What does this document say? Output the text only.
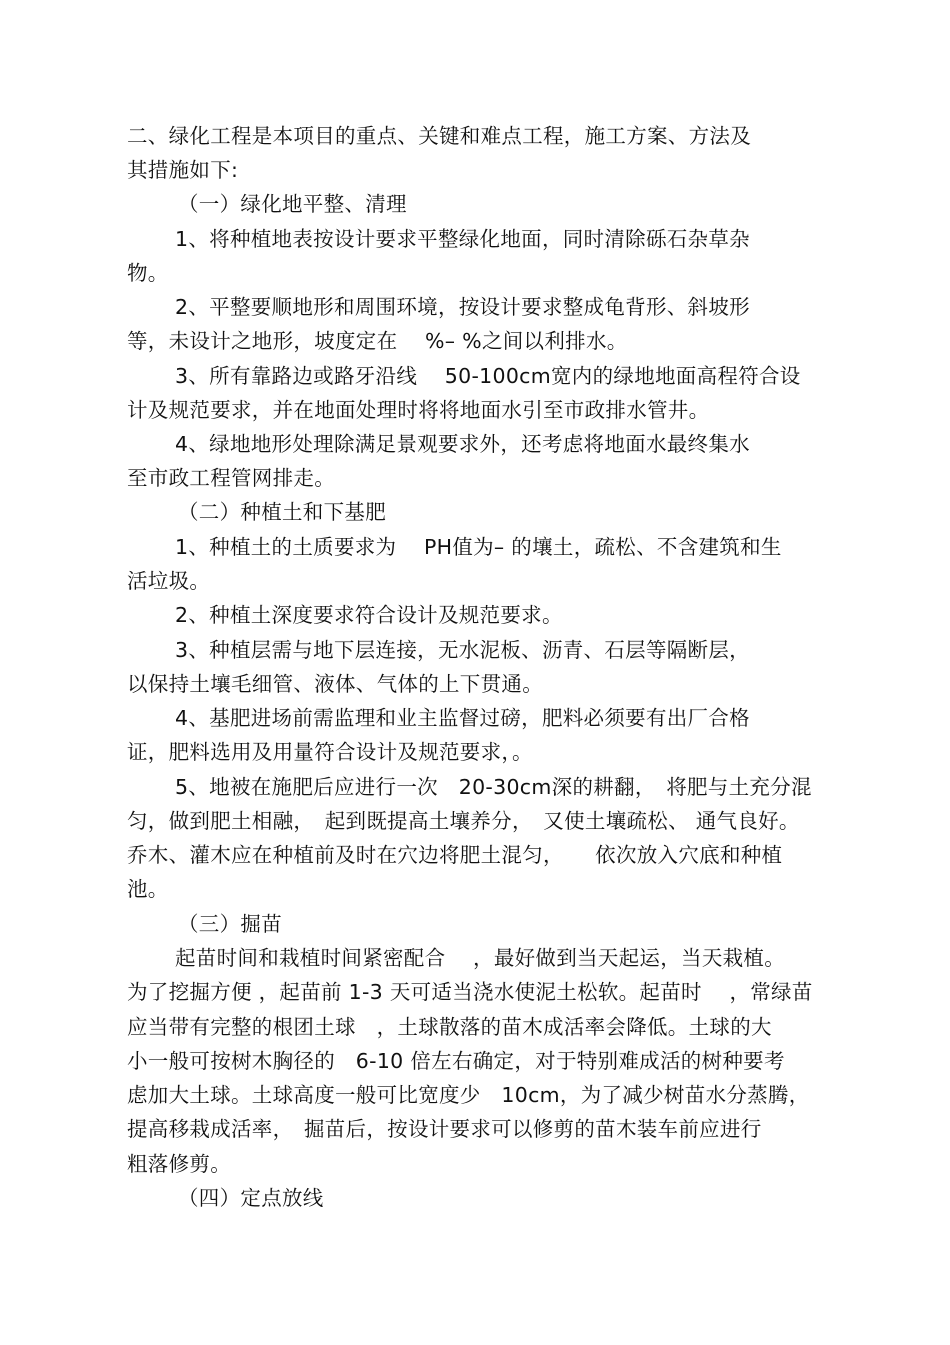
二、绿化工程是本项目的重点、关键和难点工程，施工方案、方法及
其措施如下:
（一）绿化地平整、清理
1、将种植地表按设计要求平整绿化地面，同时清除砾石杂草杂
物。
2、平整要顺地形和周围环境，按设计要求整成龟背形、斜坡形
等，未设计之地形，坡度定在　 %– %之间以利排水。
3、所有靠路边或路牙沿线　 50-100cm宽内的绿地地面高程符合设
计及规范要求，并在地面处理时将将地面水引至市政排水管井。
4、绿地地形处理除满足景观要求外，还考虑将地面水最终集水
至市政工程管网排走。
（二）种植土和下基肥
1、种植土的土质要求为　 PH值为– 的壤土，疏松、不含建筑和生
活垃圾。
2、种植土深度要求符合设计及规范要求。
3、种植层需与地下层连接，无水泥板、沥青、石层等隔断层，
以保持土壤毛细管、液体、气体的上下贯通。
4、基肥进场前需监理和业主监督过磅，肥料必须要有出厂合格
证，肥料选用及用量符合设计及规范要求，。
5、地被在施肥后应进行一次　20-30cm深的耕翻，　将肥与土充分混
匀，做到肥土相融，　起到既提高土壤养分，　又使土壤疏松、 通气良好。
乔木、灌木应在种植前及时在穴边将肥土混匀，　　依次放入穴底和种植
池。
（三）掘苗
起苗时间和栽植时间紧密配合　 ，最好做到当天起运，当天栽植。
为了挖掘方便 ，起苗前 1-3 天可适当浇水使泥土松软。起苗时　 ，常绿苗
应当带有完整的根团土球　，土球散落的苗木成活率会降低。土球的大
小一般可按树木胸径的　6-10 倍左右确定，对于特别难成活的树种要考
虑加大土球。土球高度一般可比宽度少　10cm，为了减少树苗水分蒸腾，
提高移栽成活率，　掘苗后，按设计要求可以修剪的苗木装车前应进行
粗落修剪。
（四）定点放线
